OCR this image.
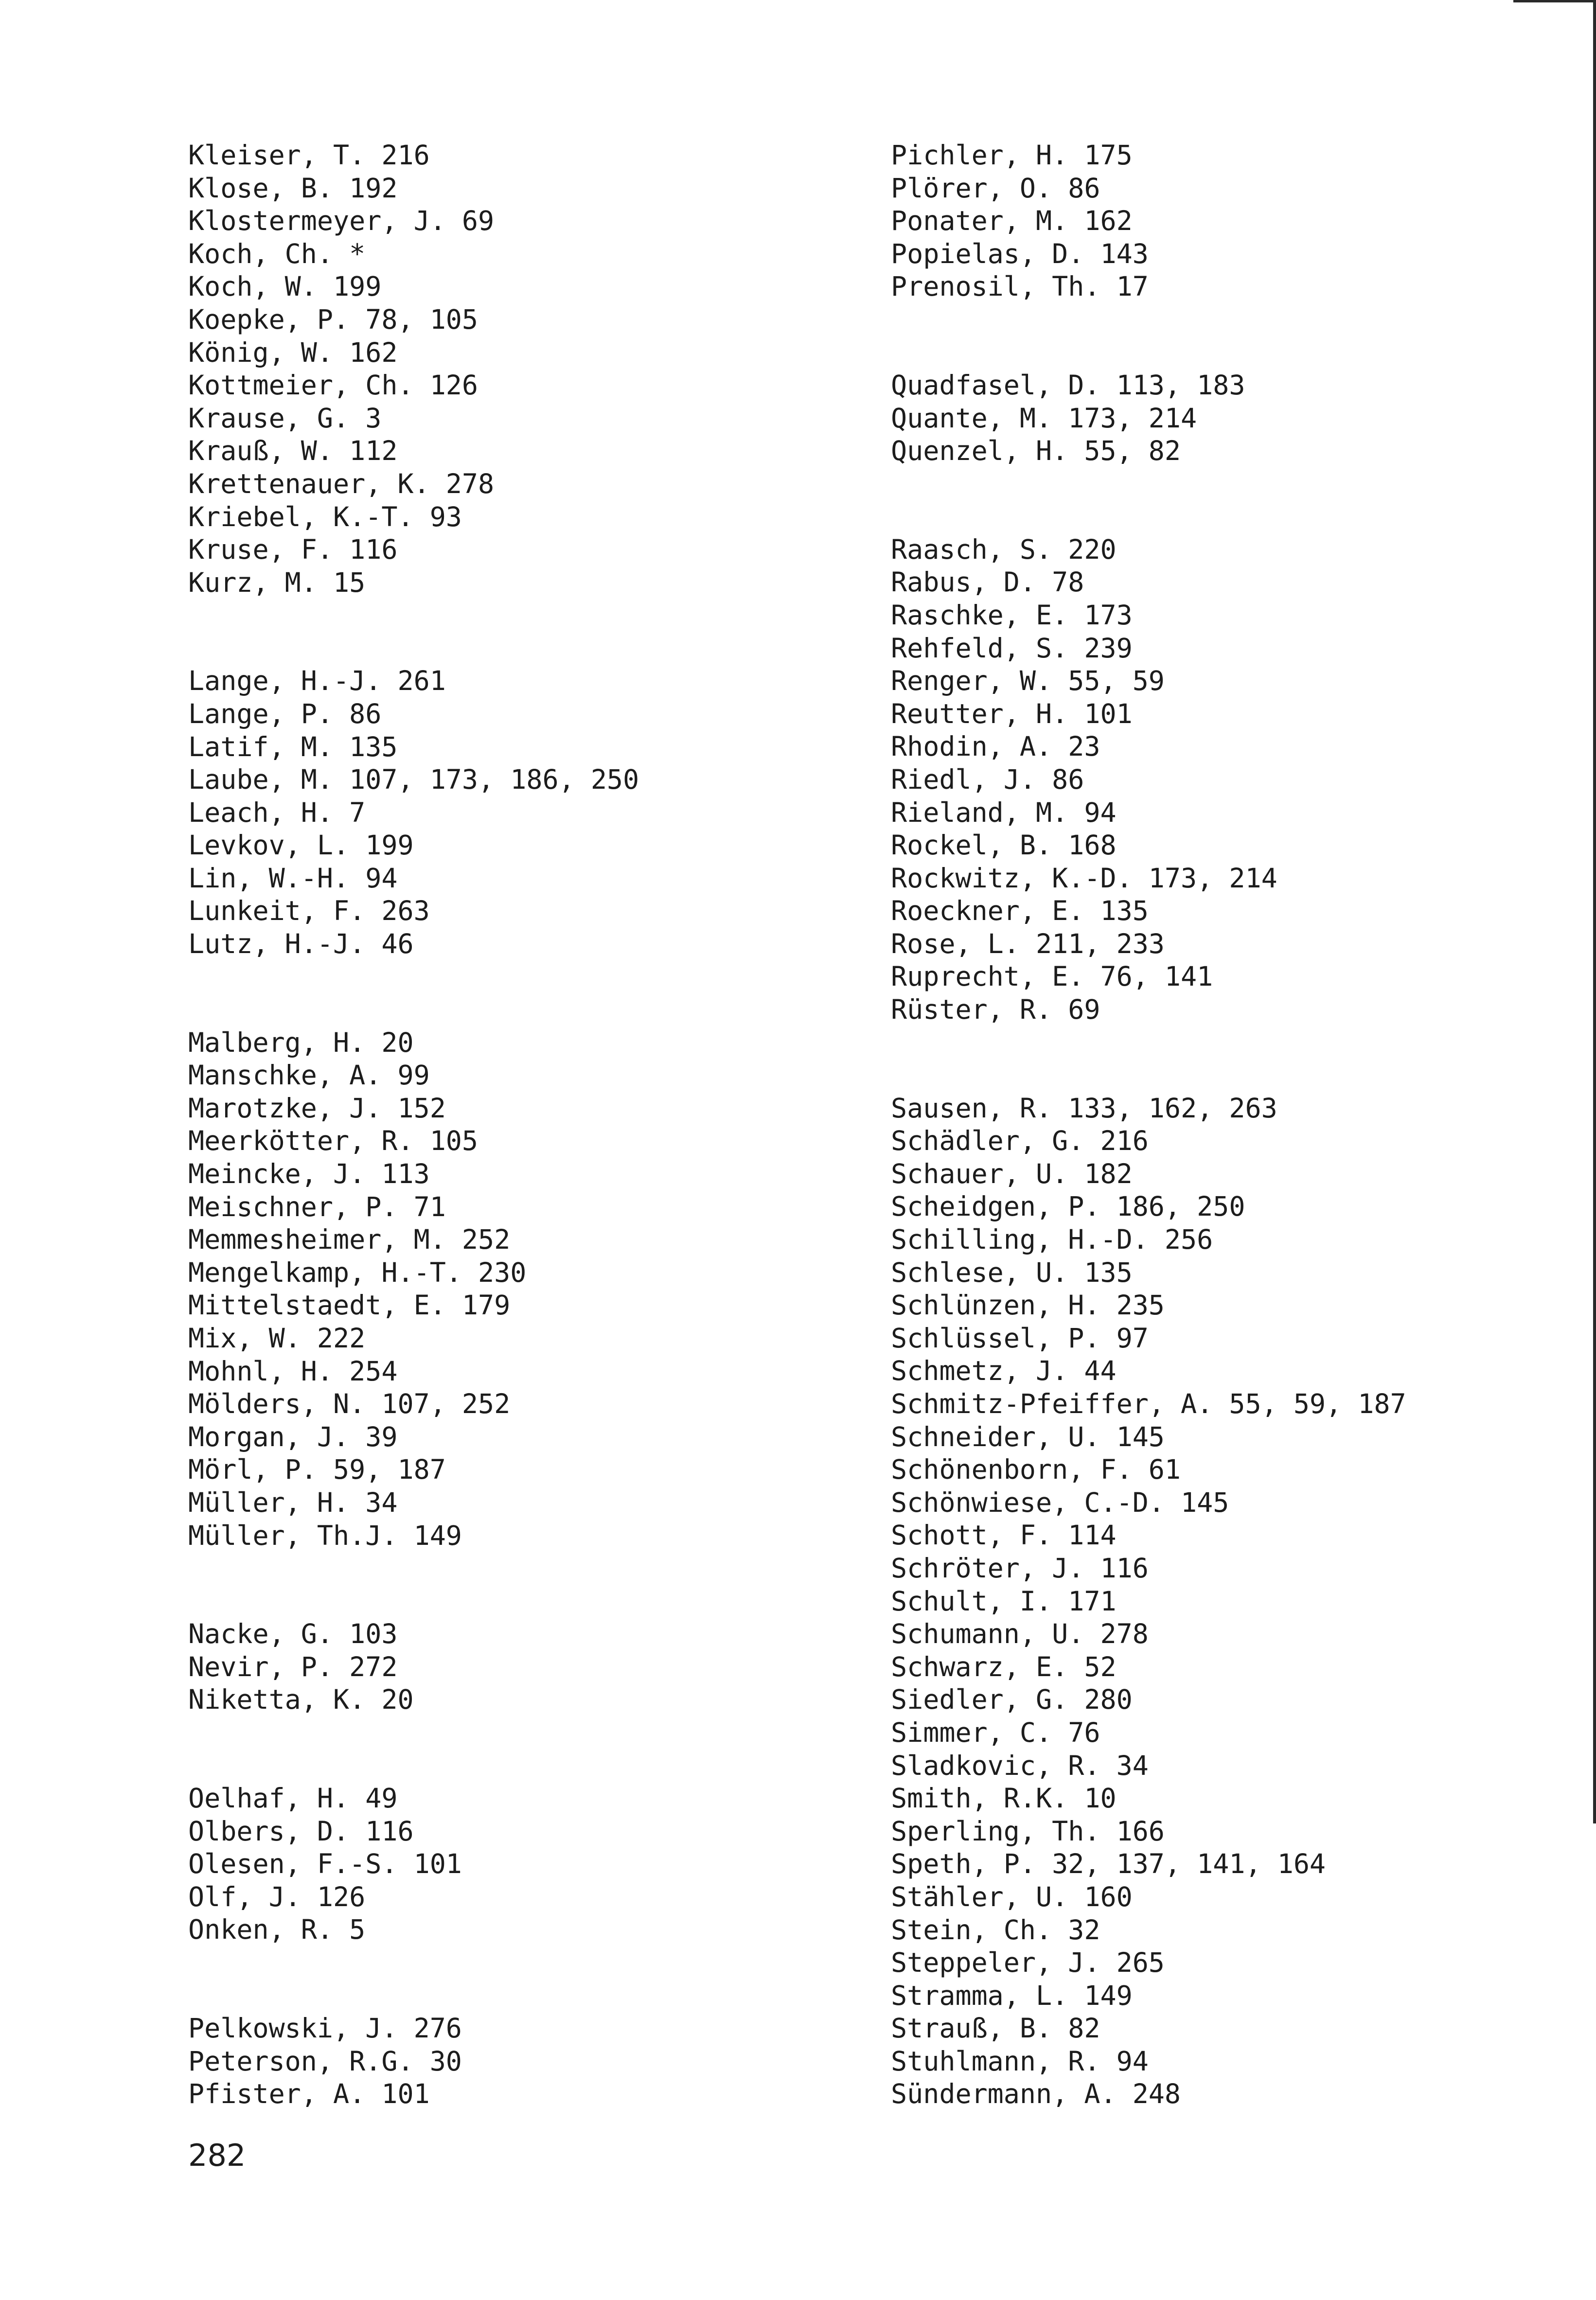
Kleiser, T. 216
Klose, B. 192
Klostermeyer, J. 69
Koch, Ch. *
Koch, W. 199
Koepke, P. 78, 105
König, W. 162
Kottmeier, Ch. 126
Krause, G. 3
Krauß, W. 112
Krettenauer, K. 278
Kriebel, K.-T. 93
Kruse, F. 116
Kurz, M. 15
Lange, H.-J. 261
Lange, P. 86
Latif, M. 135
Laube, M. 107, 173, 186, 250
Leach, H. 7
Levkov, L. 199
Lin, W.-H. 94
Lunkeit, F. 263
Lutz, H.-J. 46
Malberg, H. 20
Manschke, A. 99
Marotzke, J. 152
Meerkötter, R. 105
Meincke, J. 113
Meischner, P. 71
Memmesheimer, M. 252
Mengelkamp, H.-T. 230
Mittelstaedt, E. 179
Mix, W. 222
Mohnl, H. 254
Mölders, N. 107, 252
Morgan, J. 39
Mörl, P. 59, 187
Müller, H. 34
Müller, Th.J. 149
Nacke, G. 103
Nevir, P. 272
Niketta, K. 20
Oelhaf, H. 49
Olbers, D. 116
Olesen, F.-S. 101
Olf, J. 126
Onken, R. 5
Pelkowski, J. 276
Peterson, R.G. 30
Pfister, A. 101
Pichler, H. 175
Plörer, O. 86
Ponater, M. 162
Popielas, D. 143
Prenosil, Th. 17
Quadfasel, D. 113, 183
Quante, M. 173, 214
Quenzel, H. 55, 82
Raasch, S. 220
Rabus, D. 78
Raschke, E. 173
Rehfeld, S. 239
Renger, W. 55, 59
Reutter, H. 101
Rhodin, A. 23
Riedl, J. 86
Rieland, M. 94
Rockel, B. 168
Rockwitz, K.-D. 173, 214
Roeckner, E. 135
Rose, L. 211, 233
Ruprecht, E. 76, 141
Rüster, R. 69
Sausen, R. 133, 162, 263
Schädler, G. 216
Schauer, U. 182
Scheidgen, P. 186, 250
Schilling, H.-D. 256
Schlese, U. 135
Schlünzen, H. 235
Schlüssel, P. 97
Schmetz, J. 44
Schmitz-Pfeiffer, A. 55, 59, 187
Schneider, U. 145
Schönenborn, F. 61
Schönwiese, C.-D. 145
Schott, F. 114
Schröter, J. 116
Schult, I. 171
Schumann, U. 278
Schwarz, E. 52
Siedler, G. 280
Simmer, C. 76
Sladkovic, R. 34
Smith, R.K. 10
Sperling, Th. 166
Speth, P. 32, 137, 141, 164
Stähler, U. 160
Stein, Ch. 32
Steppeler, J. 265
Stramma, L. 149
Strauß, B. 82
Stuhlmann, R. 94
Sündermann, A. 248
282
